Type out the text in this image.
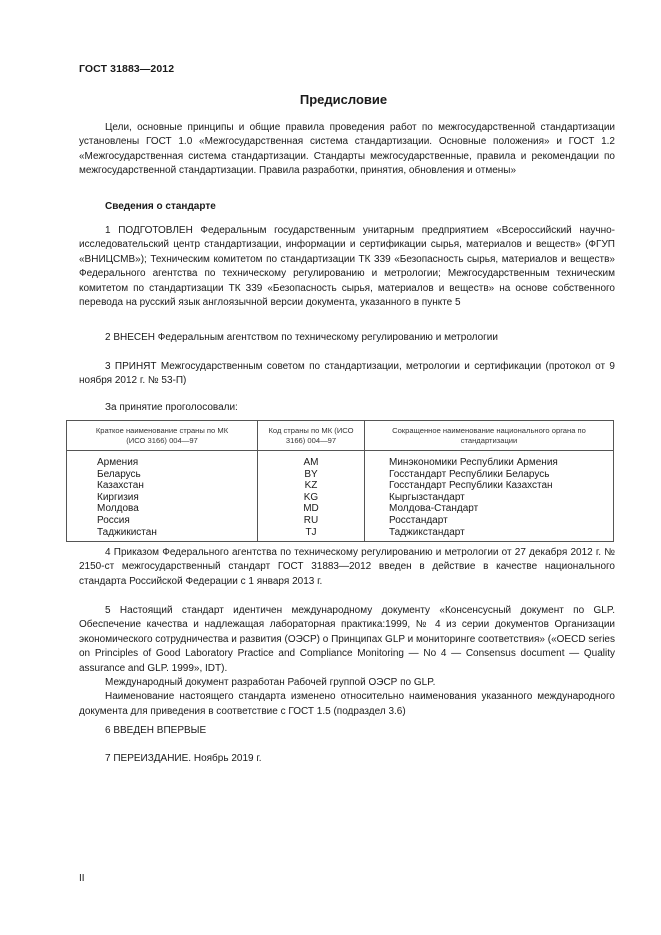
ГОСТ 31883—2012
Предисловие

Цели, основные принципы и общие правила проведения работ по межгосударственной стандартизации установлены ГОСТ 1.0 «Межгосударственная система стандартизации. Основные положения» и ГОСТ 1.2 «Межгосударственная система стандартизации. Стандарты межгосударственные, правила и рекомендации по межгосударственной стандартизации. Правила разработки, принятия, обновления и отмены»

Сведения о стандарте

1 ПОДГОТОВЛЕН Федеральным государственным унитарным предприятием «Всероссийский научно-исследовательский центр стандартизации, информации и сертификации сырья, материалов и веществ» (ФГУП «ВНИЦСМВ»); Техническим комитетом по стандартизации ТК 339 «Безопасность сырья, материалов и веществ» Федерального агентства по техническому регулированию и метрологии; Межгосударственным техническим комитетом по стандартизации ТК 339 «Безопасность сырья, материалов и веществ» на основе собственного перевода на русский язык англоязычной версии документа, указанного в пункте 5

2 ВНЕСЕН Федеральным агентством по техническому регулированию и метрологии

3 ПРИНЯТ Межгосударственным советом по стандартизации, метрологии и сертификации (протокол от 9 ноября 2012 г. № 53-П)

За принятие проголосовали:

Краткое наименование страны по МК (ИСО 3166) 004—97	Код страны по МК (ИСО 3166) 004—97	Сокращенное наименование национального органа по стандартизации

Армения	AM	Минэкономики Республики Армения
Беларусь	BY	Госстандарт Республики Беларусь
Казахстан	KZ	Госстандарт Республики Казахстан
Киргизия	KG	Кыргызстандарт
Молдова	MD	Молдова-Стандарт
Россия	RU	Росстандарт
Таджикистан	TJ	Таджикстандарт

4 Приказом Федерального агентства по техническому регулированию и метрологии от 27 декабря 2012 г. № 2150-ст межгосударственный стандарт ГОСТ 31883—2012 введен в действие в качестве национального стандарта Российской Федерации с 1 января 2013 г.

5 Настоящий стандарт идентичен международному документу «Консенсусный документ по GLP. Обеспечение качества и надлежащая лабораторная практика:1999, № 4 из серии документов Организации экономического сотрудничества и развития (ОЭСР) о Принципах GLP и мониторинге соответствия» («OECD series on Principles of Good Laboratory Practice and Compliance Monitoring — No 4 — Consensus document — Quality assurance and GLP. 1999», IDT).

Международный документ разработан Рабочей группой ОЭСР по GLP.

Наименование настоящего стандарта изменено относительно наименования указанного международного документа для приведения в соответствие с ГОСТ 1.5 (подраздел 3.6)

6 ВВЕДЕН ВПЕРВЫЕ

7 ПЕРЕИЗДАНИЕ. Ноябрь 2019 г.

II
